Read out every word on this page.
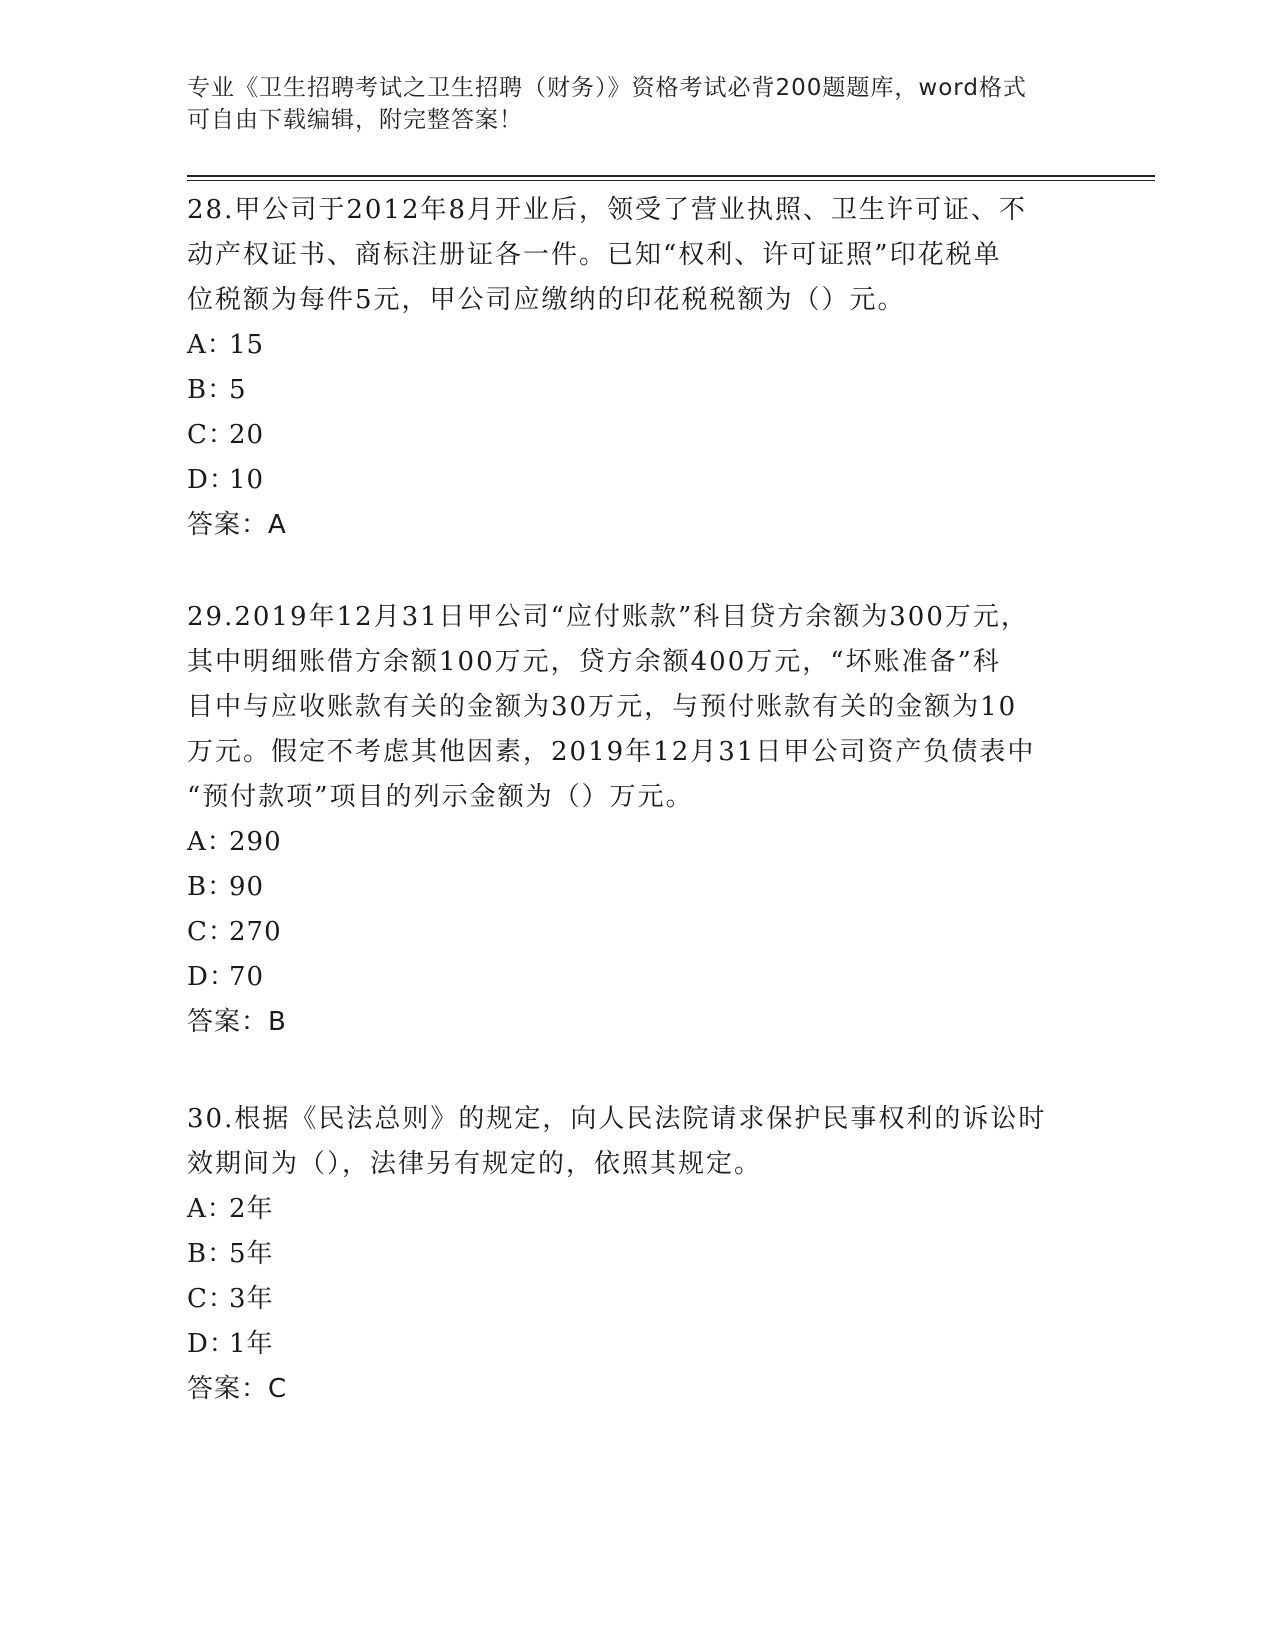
专业《卫生招聘考试之卫生招聘（财务）》资格考试必背200题题库，word格式
可自由下载编辑，附完整答案！
28.甲公司于2012年8月开业后，领受了营业执照、卫生许可证、不
动产权证书、商标注册证各一件。已知“权利、许可证照”印花税单
位税额为每件5元，甲公司应缴纳的印花税税额为（）元。
A：15
B：5
C：20
D：10
答案：A
29.2019年12月31日甲公司“应付账款”科目贷方余额为300万元，
其中明细账借方余额100万元，贷方余额400万元，“坏账准备”科
目中与应收账款有关的金额为30万元，与预付账款有关的金额为10
万元。假定不考虑其他因素，2019年12月31日甲公司资产负债表中
“预付款项”项目的列示金额为（）万元。
A：290
B：90
C：270
D：70
答案：B
30.根据《民法总则》的规定，向人民法院请求保护民事权利的诉讼时
效期间为（），法律另有规定的，依照其规定。
A：2年
B：5年
C：3年
D：1年
答案：C
